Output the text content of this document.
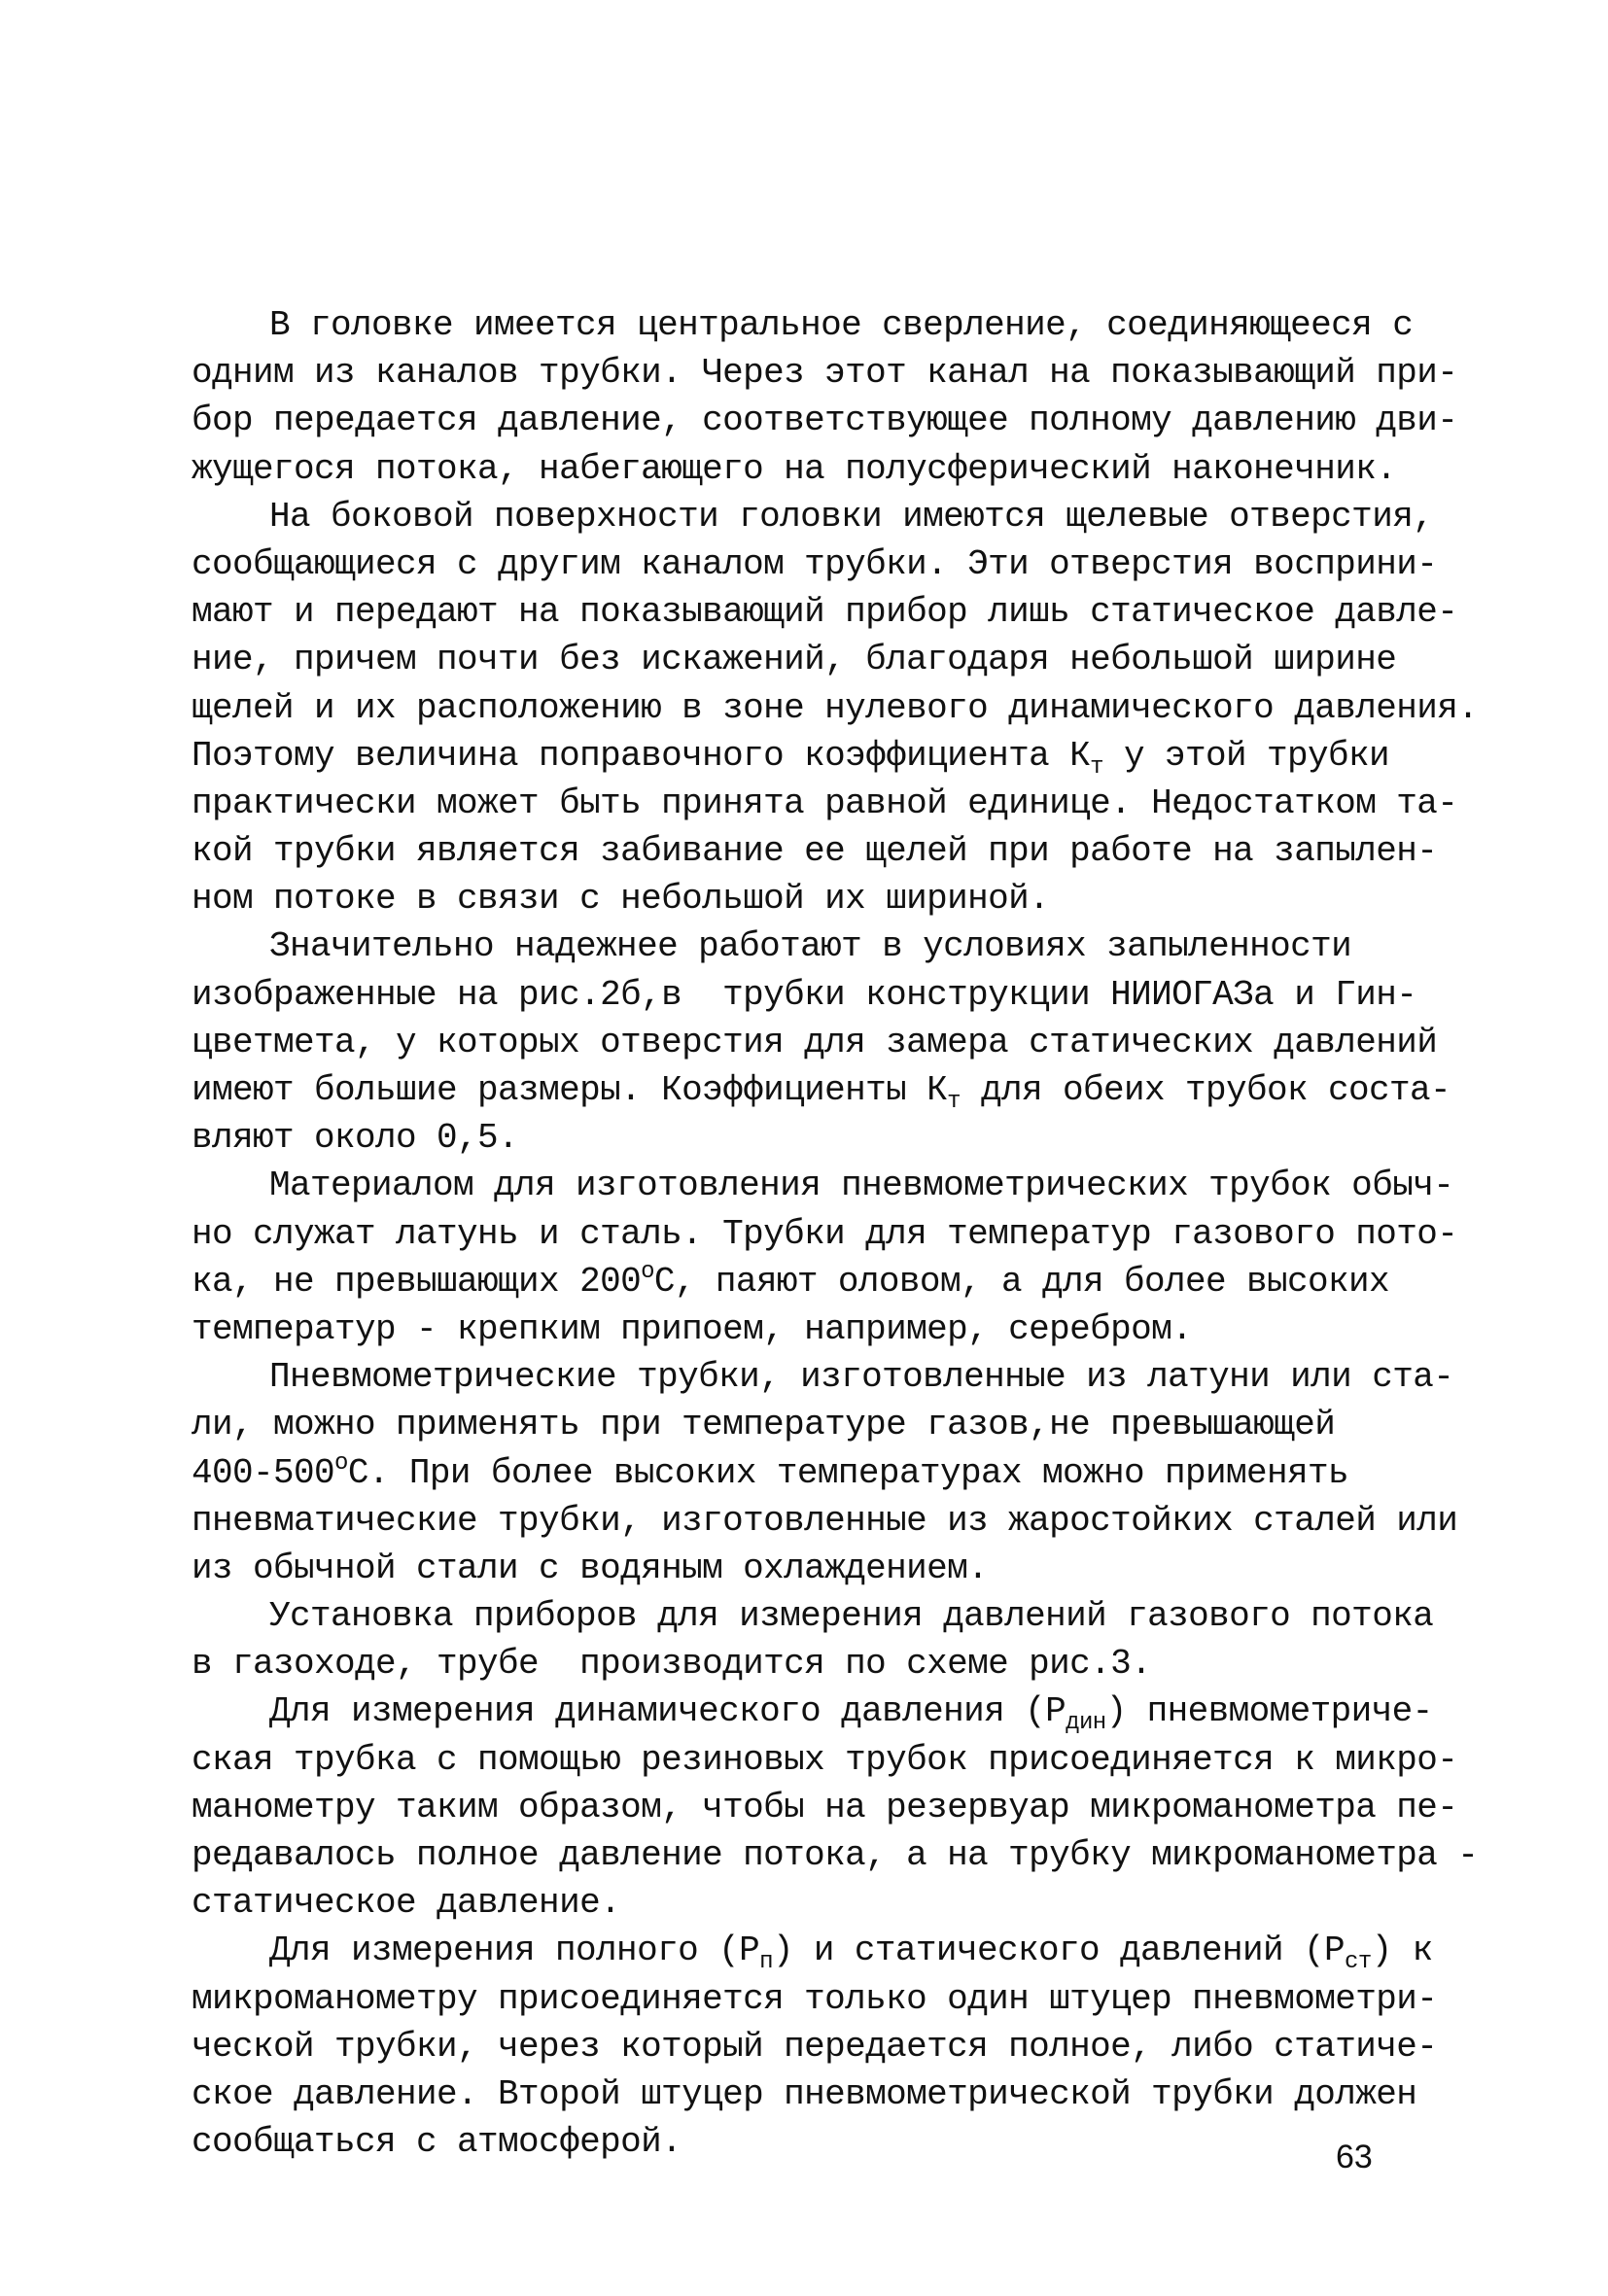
В головке имеется центральное сверление, соединяющееся с
одним из каналов трубки. Через этот канал на показывающий при-
бор передается давление, соответствующее полному давлению дви-
жущегося потока, набегающего на полусферический наконечник.
На боковой поверхности головки имеются щелевые отверстия,
сообщающиеся с другим каналом трубки. Эти отверстия восприни-
мают и передают на показывающий прибор лишь статическое давле-
ние, причем почти без искажений, благодаря небольшой ширине
щелей и их расположению в зоне нулевого динамического давления.
Поэтому величина поправочного коэффициента $К_т$ у этой трубки
практически может быть принята равной единице. Недостатком та-
кой трубки является забивание ее щелей при работе на запылен-
ном потоке в связи с небольшой их шириной.
Значительно надежнее работают в условиях запыленности
изображенные на рис.2б,в  трубки конструкции НИИОГАЗа и Гин-
цветмета, у которых отверстия для замера статических давлений
имеют большие размеры. Коэффициенты $К_т$ для обеих трубок соста-
вляют около 0,5.
Материалом для изготовления пневмометрических трубок обыч-
но служат латунь и сталь. Трубки для температур газового пото-
ка, не превышающих $200^оС$, паяют оловом, а для более высоких
температур - крепким припоем, например, серебром.
Пневмометрические трубки, изготовленные из латуни или ста-
ли, можно применять при температуре газов,не превышающей
$400-500^оС$. При более высоких температурах можно применять
пневматические трубки, изготовленные из жаростойких сталей или
из обычной стали с водяным охлаждением.
Установка приборов для измерения давлений газового потока
в газоходе, трубе  производится по схеме рис.3.
Для измерения динамического давления $(Р_{дин})$ пневмометриче-
ская трубка с помощью резиновых трубок присоединяется к микро-
манометру таким образом, чтобы на резервуар микроманометра пе-
редавалось полное давление потока, а на трубку микроманометра -
статическое давление.
Для измерения полного $(Р_п)$ и статического давлений $(Р_{ст})$ к
микроманометру присоединяется только один штуцер пневмометри-
ческой трубки, через который передается полное, либо статиче-
ское давление. Второй штуцер пневмометрической трубки должен
сообщаться с атмосферой.	63
